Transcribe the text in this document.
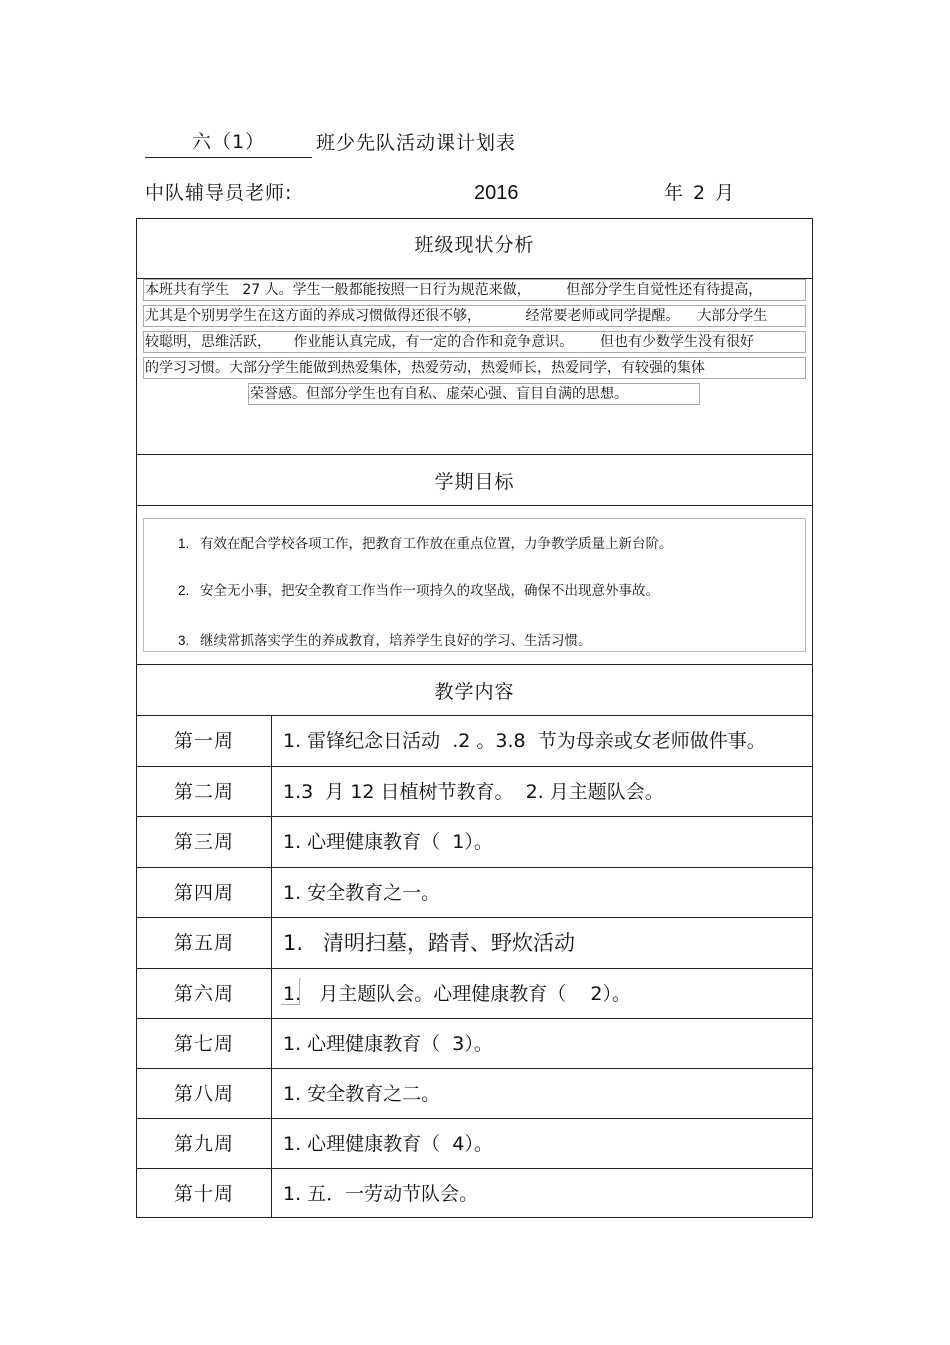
六（1）	班少先队活动课计划表
中队辅导员老师:	2016	年 2 月
班级现状分析
本班共有学生   27 人。学生一般都能按照一日行为规范来做，        但部分学生自觉性还有待提高，
尤其是个别男学生在这方面的养成习惯做得还很不够，          经常要老师或同学提醒。    大部分学生
较聪明，思维活跃，     作业能认真完成，有一定的合作和竞争意识。      但也有少数学生没有很好
的学习习惯。大部分学生能做到热爱集体，热爱劳动，热爱师长，热爱同学，有较强的集体
荣誉感。但部分学生也有自私、虚荣心强、盲目自满的思想。
学期目标
1. 有效在配合学校各项工作，把教育工作放在重点位置，力争教学质量上新台阶。
2. 安全无小事，把安全教育工作当作一项持久的攻坚战，确保不出现意外事故。
3. 继续常抓落实学生的养成教育，培养学生良好的学习、生活习惯。
教学内容
第一周	1. 雷锋纪念日活动  .2 。3.8  节为母亲或女老师做件事。
第二周	1.3  月 12 日植树节教育。  2. 月主题队会。
第三周	1. 心理健康教育（  1）。
第四周	1. 安全教育之一。
第五周	1.   清明扫墓，踏青、野炊活动
第六周	1.   月主题队会。心理健康教育（    2）。
第七周	1. 心理健康教育（  3）。
第八周	1. 安全教育之二。
第九周	1. 心理健康教育（  4）。
第十周	1. 五．一劳动节队会。
